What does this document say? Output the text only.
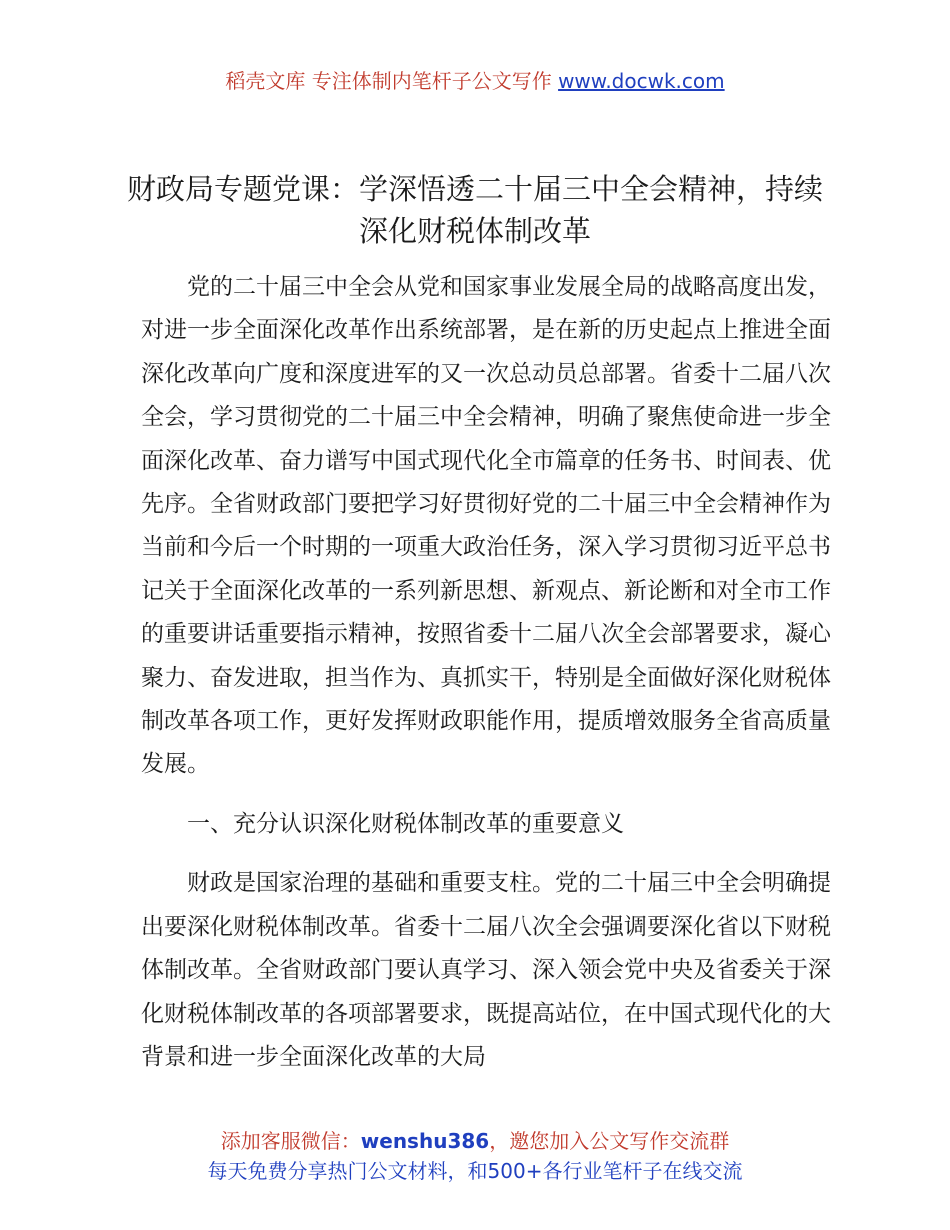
稻壳文库 专注体制内笔杆子公文写作 www.docwk.com
财政局专题党课：学深悟透二十届三中全会精神，持续深化财税体制改革

党的二十届三中全会从党和国家事业发展全局的战略高度出发，对进一步全面深化改革作出系统部署，是在新的历史起点上推进全面深化改革向广度和深度进军的又一次总动员总部署。省委十二届八次全会，学习贯彻党的二十届三中全会精神，明确了聚焦使命进一步全面深化改革、奋力谱写中国式现代化全市篇章的任务书、时间表、优先序。全省财政部门要把学习好贯彻好党的二十届三中全会精神作为当前和今后一个时期的一项重大政治任务，深入学习贯彻习近平总书记关于全面深化改革的一系列新思想、新观点、新论断和对全市工作的重要讲话重要指示精神，按照省委十二届八次全会部署要求，凝心聚力、奋发进取，担当作为、真抓实干，特别是全面做好深化财税体制改革各项工作，更好发挥财政职能作用，提质增效服务全省高质量发展。

一、充分认识深化财税体制改革的重要意义

财政是国家治理的基础和重要支柱。党的二十届三中全会明确提出要深化财税体制改革。省委十二届八次全会强调要深化省以下财税体制改革。全省财政部门要认真学习、深入领会党中央及省委关于深化财税体制改革的各项部署要求，既提高站位，在中国式现代化的大背景和进一步全面深化改革的大局

添加客服微信：wenshu386，邀您加入公文写作交流群
每天免费分享热门公文材料，和500+各行业笔杆子在线交流
